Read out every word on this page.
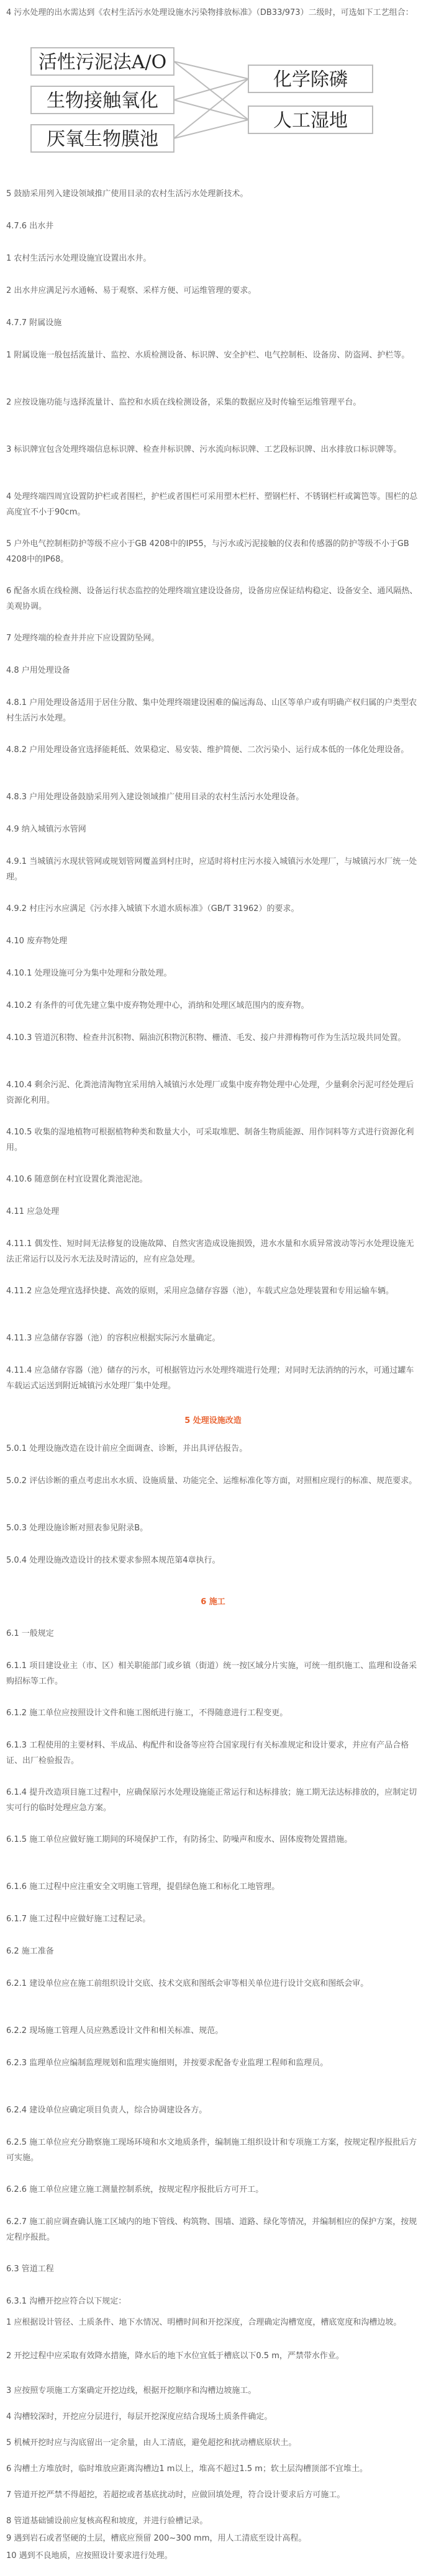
4 污水处理的出水需达到《农村生活污水处理设施水污染物排放标准》（DB33/973）二级时，可选如下工艺组合：
活性污泥法A/O
生物接触氧化
厌氧生物膜池
化学除磷
人工湿地
5 鼓励采用列入建设领域推广使用目录的农村生活污水处理新技术。
4.7.6 出水井
1 农村生活污水处理设施宜设置出水井。
2 出水井应满足污水通畅、易于观察、采样方便、可运维管理的要求。
4.7.7 附属设施
1 附属设施一般包括流量计、监控、水质检测设备、标识牌、安全护栏、电气控制柜、设备房、防盗网、护栏等。
2 应按设施功能与选择流量计、监控和水质在线检测设备，采集的数据应及时传输至运维管理平台。
3 标识牌宜包含处理终端信息标识牌、检查井标识牌、污水流向标识牌、工艺段标识牌、出水排放口标识牌等。
4 处理终端四周宜设置防护栏或者围栏，护栏或者围栏可采用塑木栏杆、塑钢栏杆、不锈钢栏杆或篱笆等。围栏的总高度宜不小于90cm。
5 户外电气控制柜防护等级不应小于GB 4208中的IP55，与污水或污泥接触的仪表和传感器的防护等级不小于GB 4208中的IP68。
6 配备水质在线检测、设备运行状态监控的处理终端宜建设设备房，设备房应保证结构稳定、设备安全、通风隔热、美观协调。
7 处理终端的检查井并应下应设置防坠网。
4.8 户用处理设备
4.8.1 户用处理设备适用于居住分散、集中处理终端建设困难的偏远海岛、山区等单户或有明确产权归属的户类型农村生活污水处理。
4.8.2 户用处理设备宜选择能耗低、效果稳定、易安装、维护简便、二次污染小、运行成本低的一体化处理设备。
4.8.3 户用处理设备鼓励采用列入建设领域推广使用目录的农村生活污水处理设备。
4.9 纳入城镇污水管网
4.9.1 当城镇污水现状管网或规划管网覆盖到村庄时，应适时将村庄污水接入城镇污水处理厂，与城镇污水厂统一处理。
4.9.2 村庄污水应满足《污水排入城镇下水道水质标准》（GB/T 31962）的要求。
4.10 废弃物处理
4.10.1 处理设施可分为集中处理和分散处理。
4.10.2 有条件的可优先建立集中废弃物处理中心，消纳和处理区域范围内的废弃物。
4.10.3 管道沉积物、检查井沉积物、隔油沉积物沉积物、栅渣、毛发、接户井滞梅物可作为生活垃圾共同处置。
4.10.4 剩余污泥、化粪池清淘物宜采用纳入城镇污水处理厂或集中废弃物处理中心处理，少量剩余污泥可经处理后资源化利用。
4.10.5 收集的湿地植物可根据植物种类和数量大小，可采取堆肥、制备生物质能源、用作饲料等方式进行资源化利用。
4.10.6 随意倒在村宜设置化粪池泥池。
4.11 应急处理
4.11.1 偶发性、短时间无法修复的设施故障、自然灾害造成设施损毁，进水水量和水质异常波动等污水处理设施无法正常运行以及污水无法及时清运的，应有应急处理。
4.11.2 应急处理宜选择快捷、高效的原则，采用应急储存容器（池），车载式应急处理装置和专用运输车辆。
4.11.3 应急储存容器（池）的容积应根据实际污水量确定。
4.11.4 应急储存容器（池）储存的污水，可根据管边污水处理终端进行处理；对同时无法消纳的污水，可通过罐车车载运式运送到附近城镇污水处理厂集中处理。
5 处理设施改造
5.0.1 处理设施改造在设计前应全面调查、诊断，并出具评估报告。
5.0.2 评估诊断的重点考虑出水水质、设施质量、功能完全、运维标准化等方面，对照相应现行的标准、规范要求。
5.0.3 处理设施诊断对照表参见附录B。
5.0.4 处理设施改造设计的技术要求参照本规范第4章执行。
6 施工
6.1 一般规定
6.1.1 项目建设业主（市、区）相关职能部门或乡镇（街道）统一按区域分片实施，可统一组织施工、监理和设备采购招标等工作。
6.1.2 施工单位应按照设计文件和施工图纸进行施工，不得随意进行工程变更。
6.1.3 工程使用的主要材料、半成品、构配件和设备等应符合国家现行有关标准规定和设计要求，并应有产品合格证、出厂检验报告。
6.1.4 提升改造项目施工过程中，应确保原污水处理设施能正常运行和达标排放；施工期无法达标排放的，应制定切实可行的临时处理应急方案。
6.1.5 施工单位应做好施工期间的环境保护工作，有防扬尘、防噪声和废水、固体废物处置措施。
6.1.6 施工过程中应注重安全文明施工管理，提倡绿色施工和标化工地管理。
6.1.7 施工过程中应做好施工过程记录。
6.2 施工准备
6.2.1 建设单位应在施工前组织设计交底、技术交底和图纸会审等相关单位进行设计交底和图纸会审。
6.2.2 现场施工管理人员应熟悉设计文件和相关标准、规范。
6.2.3 监理单位应编制监理规划和监理实施细则，并按要求配备专业监理工程师和监理员。
6.2.4 建设单位应确定项目负责人，综合协调建设各方。
6.2.5 施工单位应充分勘察施工现场环境和水文地质条件，编制施工组织设计和专项施工方案，按规定程序报批后方可实施。
6.2.6 施工单位应建立施工测量控制系统，按规定程序报批后方可开工。
6.2.7 施工前应调查确认施工区域内的地下管线、构筑物、围墙、道路、绿化等情况，并编制相应的保护方案，按规定程序报批。
6.3 管道工程
6.3.1 沟槽开挖应符合以下规定：
1 应根据设计管径、土质条件、地下水情况、明槽时间和开挖深度，合理确定沟槽宽度，槽底宽度和沟槽边坡。
2 开挖过程中应采取有效降水措施，降水后的地下水位宜低于槽底以下0.5 m，严禁带水作业。
3 应按照专项施工方案确定开挖边线，根据开挖顺序和沟槽边坡施工。
4 沟槽较深时，开挖应分层进行，每层开挖深度应结合现场土质条件确定。
5 机械开挖时应与沟底留出一定余量，由人工清底，避免超挖和扰动槽底原状土。
6 沟槽土方堆放时，临时堆放应距离沟槽边1 m以上，堆高不超过1.5 m；软土层沟槽顶部不宜堆土。
7 管道开挖严禁不得超挖，若超挖或者基底扰动时，应做回填处理，符合设计要求后方可施工。
8 管道基础铺设前应复核高程和坡度，并进行验槽记录。
9 遇到岩石或者坚硬的土层，槽底应预留 200~300 mm，用人工清底至设计高程。
10 遇到不良地质，应按照设计要求进行处理。
